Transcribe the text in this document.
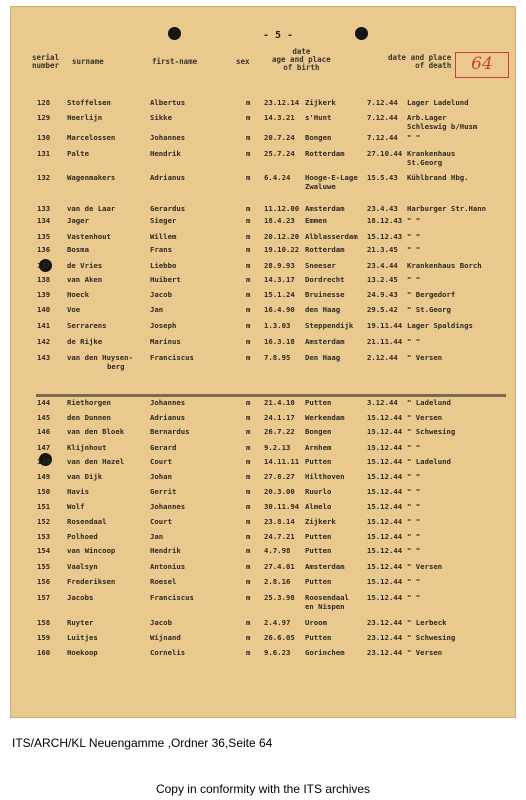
- 5 -
serial
number surname	first-name	sex
date
age and place
of birth
date and place
of death	64
128 Stoffelsen	Albertus	m 23.12.14 Zijkerk	7.12.44 Lager Ladelund
129 Heerlijn	Sikke	m 14.3.21 s'Hunt	7.12.44 Arb.Lager
Schleswig b/Husm
130 Marcelossen	Johannes	m 20.7.24 Bongen	7.12.44 " "
131 Palte	Hendrik	m 25.7.24 Rotterdam	27.10.44 Krankenhaus
St.Georg
132 Wagenmakers	Adrianus	m 6.4.24 Hooge-E-Lage
Zwaluwe
15.5.43 Kühlbrand Hbg.
133 van de Laar	Gerardus	m 11.12.00 Amsterdam	23.4.43 Harburger Str.Hann
134 Jager	Sieger	m 18.4.23 Emmen	18.12.43 " "
135 Vastenhout	Willem	m 20.12.20 Alblasserdam 15.12.43 " "
136 Bosma	Frans	m 19.10.22 Rotterdam	21.3.45 " "
137 de Vries	Liebbo	m 28.9.93 Sneeser	23.4.44 Krankenhaus Borch
138 van Aken	Huibert	m 14.3.17 Dordrecht	13.2.45 " "
139 Hoeck	Jacob	m 15.1.24 Bruinesse	24.9.43 " Bergedorf
140 Voe	Jan	m 16.4.90 den Haag	29.5.42 " St.Georg
141 Serrarens	Joseph	m 1.3.03 Steppendijk 19.11.44 Lager Spaldings
142 de Rijke	Marinus	m 16.3.18 Amsterdam	21.11.44 " "
143 van den Huysen-
berg
Franciscus	m 7.8.95 Den Haag	2.12.44 " Versen
144 Riethorgen	Johannes	m 21.4.10 Putten	3.12.44 " Ladelund
145 den Dunnen	Adrianus	m 24.1.17 Werkendam	15.12.44 " Versen
146 van den Bloek	Bernardus	m 26.7.22 Bongen	15.12.44 " Schwesing
147 Klijnhout	Gerard	m 9.2.13 Arnhem	15.12.44 " "
148 van den Hazel	Court	m 14.11.11 Putten	15.12.44 " Ladelund
149 van Dijk	Johan	m 27.8.27 Hilthoven	15.12.44 " "
150 Havis	Gerrit	m 20.3.00 Ruurlo	15.12.44 " "
151 Wolf	Johannes	m 30.11.94 Almelo	15.12.44 " "
152 Rosendaal	Court	m 23.8.14 Zijkerk	15.12.44 " "
153 Polhoed	Jan	m 24.7.21 Putten	15.12.44 " "
154 van Wincoop	Hendrik	m 4.7.98 Putten	15.12.44 " "
155 Vaalsyn	Antonius	m 27.4.01 Amsterdam	15.12.44 " Versen
156 Frederiksen	Roesel	m 2.8.16 Putten	15.12.44 " "
157 Jacobs	Franciscus	m 25.3.98 Roosendaal
en Nispen
15.12.44 " "
158 Ruyter	Jacob	m 2.4.97 Uroom	23.12.44 " Lerbeck
159 Luitjes	Wijnand	m 26.6.05 Putten	23.12.44 " Schwesing
160 Hoekoop	Cornelis	m 9.6.23 Gorinchem	23.12.44 " Versen
ITS/ARCH/KL Neuengamme ,Ordner 36,Seite 64
Copy in conformity with the ITS archives
